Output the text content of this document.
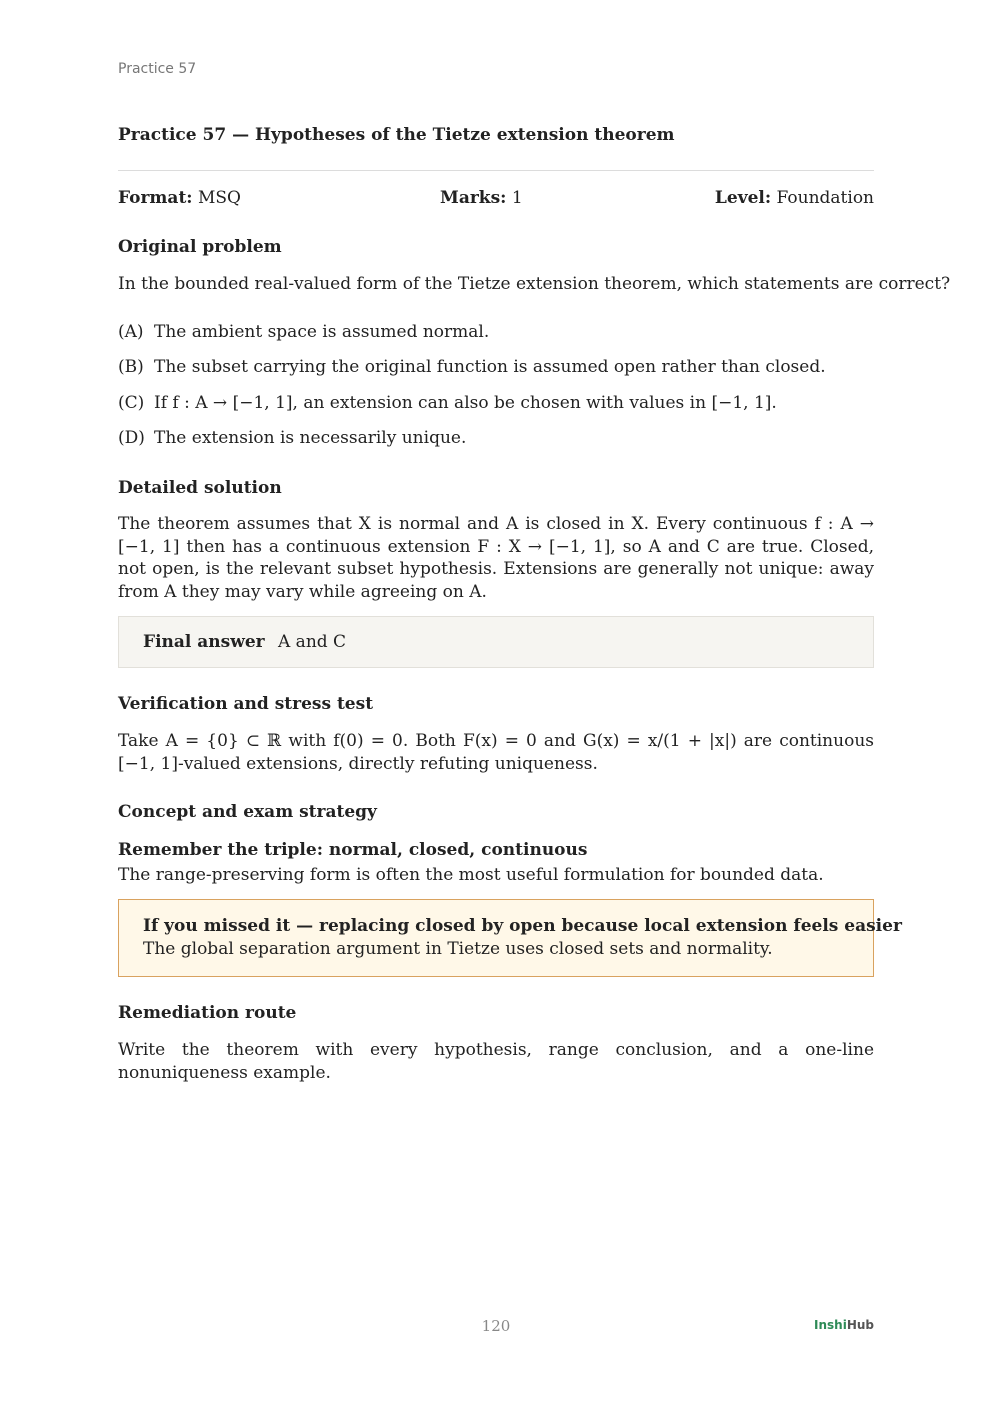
Practice 57
Practice 57 — Hypotheses of the Tietze extension theorem
Format: MSQ	Marks: 1	Level: Foundation
Original problem
In the bounded real-valued form of the Tietze extension theorem, which statements are correct?
(A) The ambient space is assumed normal.
(B) The subset carrying the original function is assumed open rather than closed.
(C) If f : A → [−1, 1], an extension can also be chosen with values in [−1, 1].
(D) The extension is necessarily unique.
Detailed solution
The theorem assumes that X is normal and A is closed in X. Every continuous f : A → [−1, 1] then has a continuous extension F : X → [−1, 1], so A and C are true. Closed, not open, is the relevant subset hypothesis. Extensions are generally not unique: away from A they may vary while agreeing on A.
Final answer A and C
Verification and stress test
Take A = {0} ⊂ ℝ with f(0) = 0. Both F(x) = 0 and G(x) = x/(1 + |x|) are continuous [−1, 1]-valued extensions, directly refuting uniqueness.
Concept and exam strategy
Remember the triple: normal, closed, continuous
The range-preserving form is often the most useful formulation for bounded data.
If you missed it — replacing closed by open because local extension feels easier
The global separation argument in Tietze uses closed sets and normality.
Remediation route
Write the theorem with every hypothesis, range conclusion, and a one-line nonuniqueness example.
120	InshiHub
